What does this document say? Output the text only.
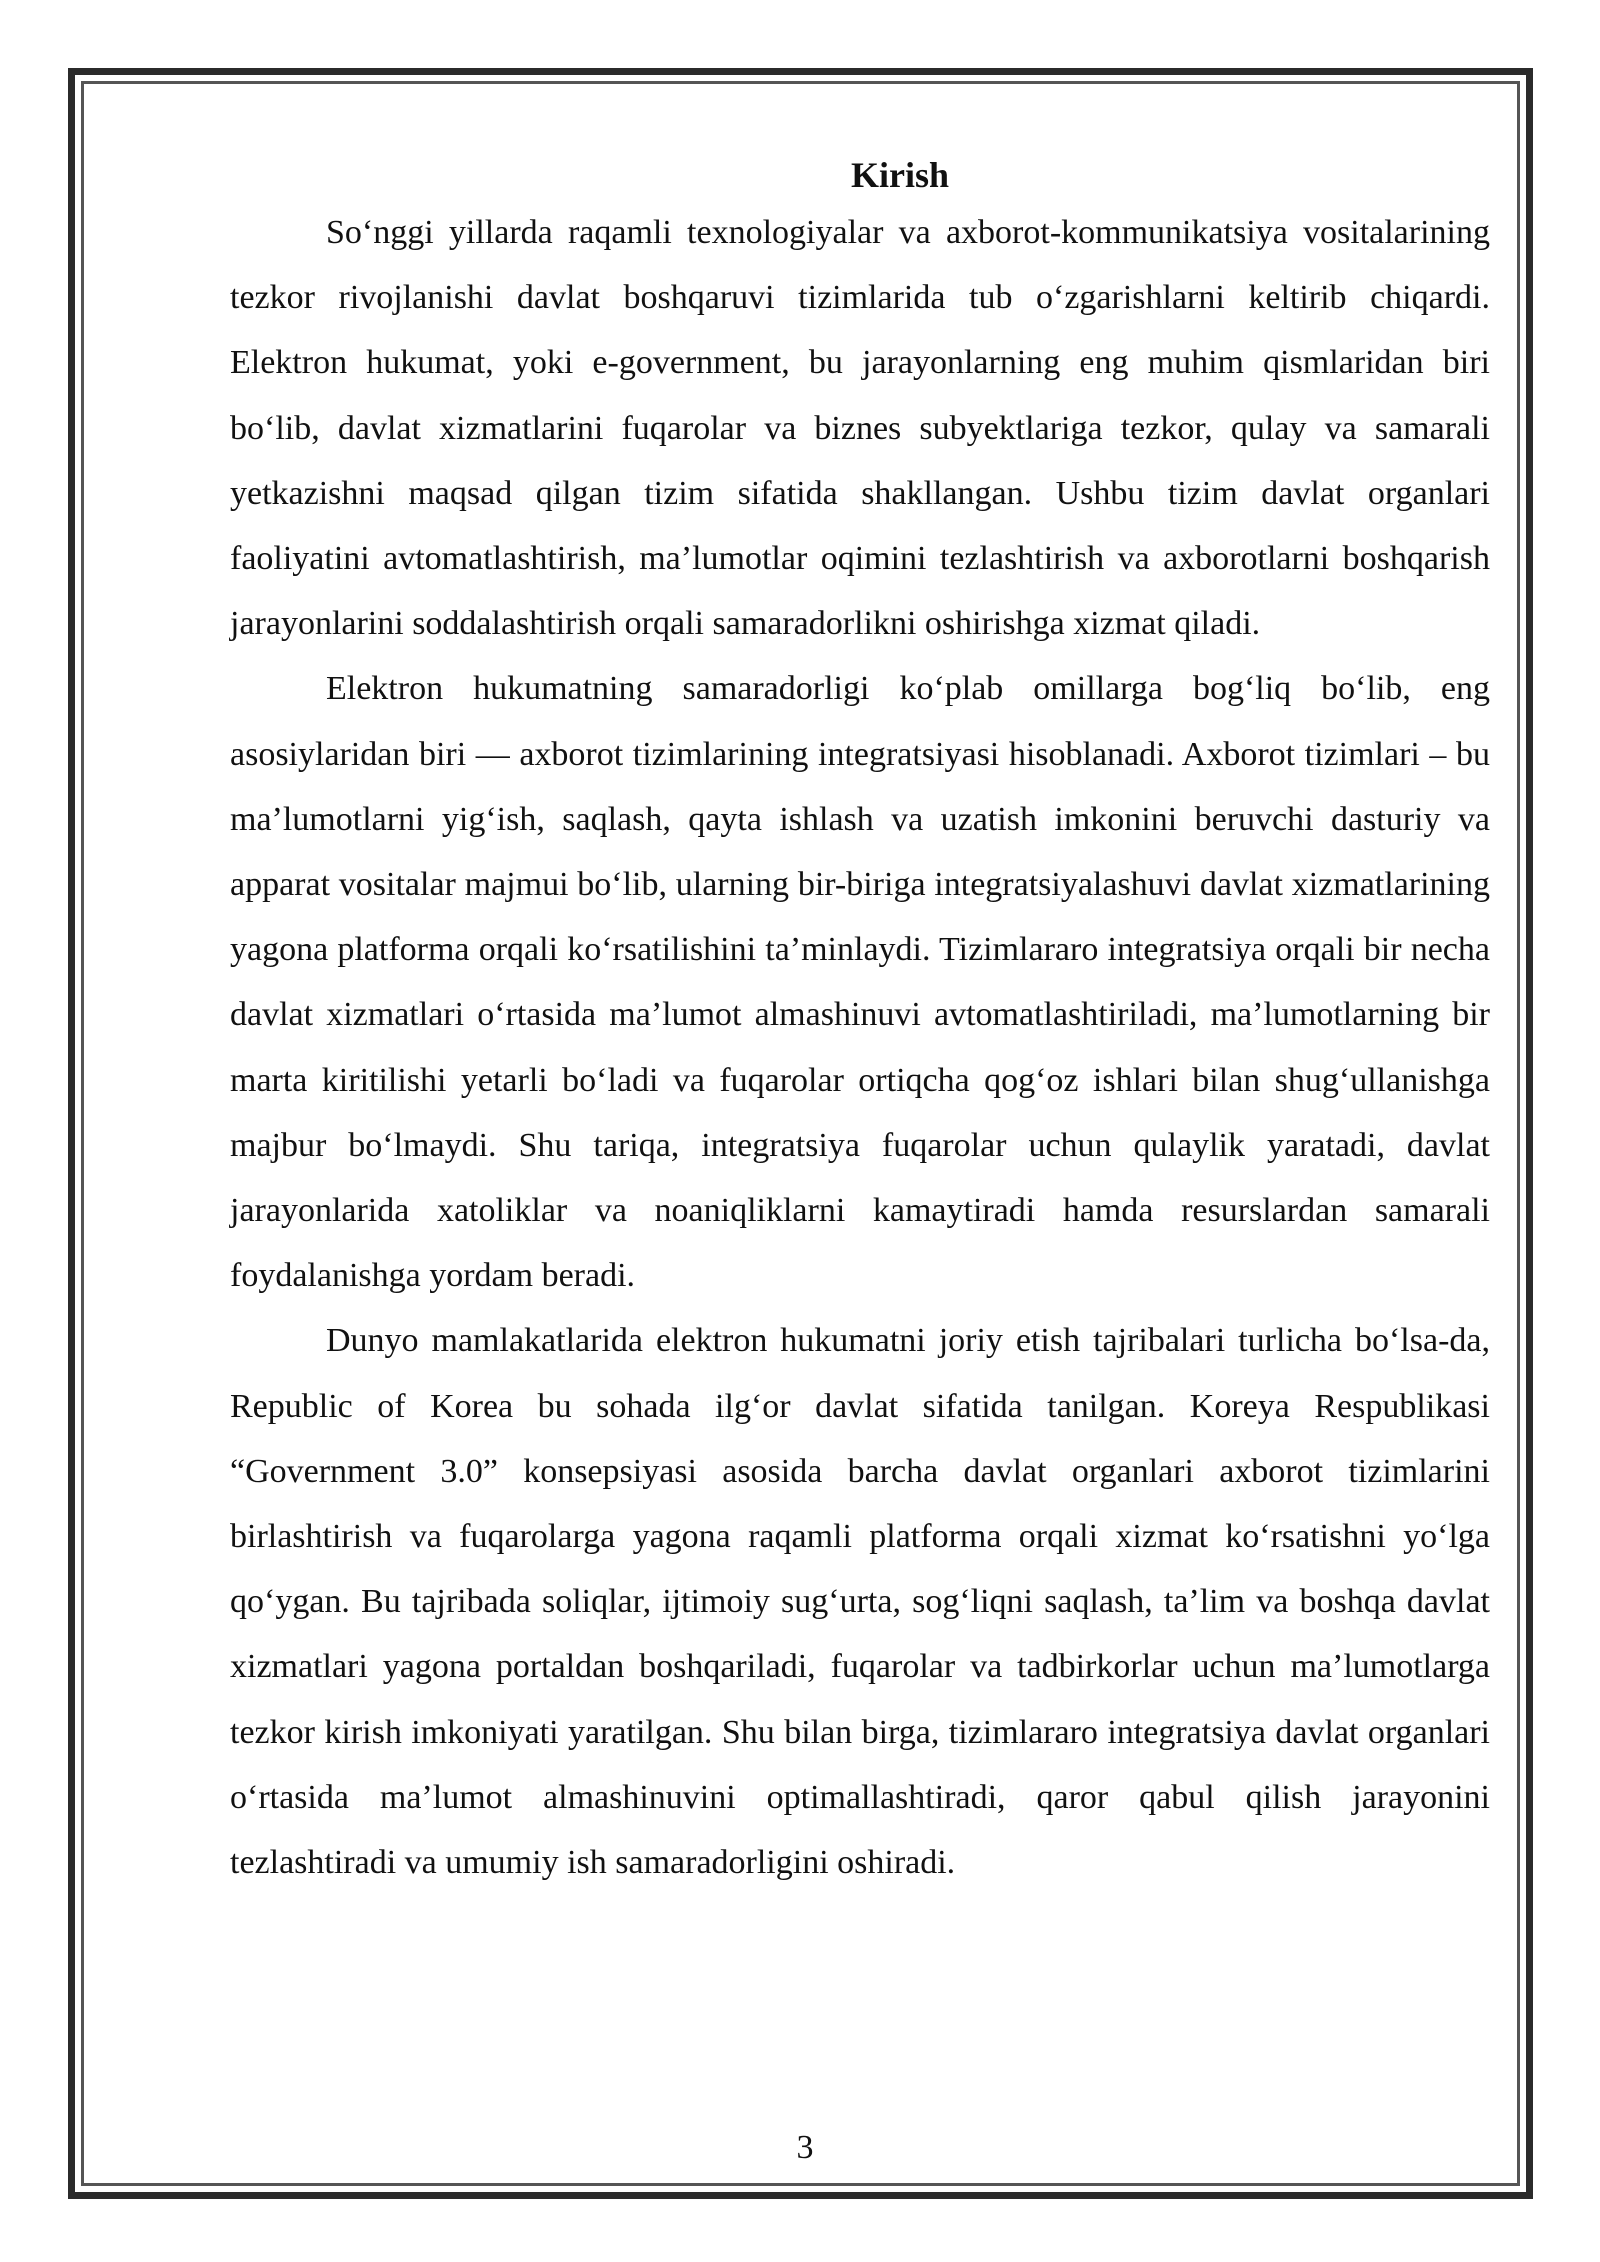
Kirish

So‘nggi yillarda raqamli texnologiyalar va axborot-kommunikatsiya vositalarining tezkor rivojlanishi davlat boshqaruvi tizimlarida tub o‘zgarishlarni keltirib chiqardi. Elektron hukumat, yoki e-government, bu jarayonlarning eng muhim qismlaridan biri bo‘lib, davlat xizmatlarini fuqarolar va biznes subyektlariga tezkor, qulay va samarali yetkazishni maqsad qilgan tizim sifatida shakllangan. Ushbu tizim davlat organlari faoliyatini avtomatlashtirish, ma’lumotlar oqimini tezlashtirish va axborotlarni boshqarish jarayonlarini soddalashtirish orqali samaradorlikni oshirishga xizmat qiladi.

Elektron hukumatning samaradorligi ko‘plab omillarga bog‘liq bo‘lib, eng asosiylaridan biri — axborot tizimlarining integratsiyasi hisoblanadi. Axborot tizimlari – bu ma’lumotlarni yig‘ish, saqlash, qayta ishlash va uzatish imkonini beruvchi dasturiy va apparat vositalar majmui bo‘lib, ularning bir-biriga integratsiyalashuvi davlat xizmatlarining yagona platforma orqali ko‘rsatilishini ta’minlaydi. Tizimlararo integratsiya orqali bir necha davlat xizmatlari o‘rtasida ma’lumot almashinuvi avtomatlashtiriladi, ma’lumotlarning bir marta kiritilishi yetarli bo‘ladi va fuqarolar ortiqcha qog‘oz ishlari bilan shug‘ullanishga majbur bo‘lmaydi. Shu tariqa, integratsiya fuqarolar uchun qulaylik yaratadi, davlat jarayonlarida xatoliklar va noaniqliklarni kamaytiradi hamda resurslardan samarali foydalanishga yordam beradi.

Dunyo mamlakatlarida elektron hukumatni joriy etish tajribalari turlicha bo‘lsa-da, Republic of Korea bu sohada ilg‘or davlat sifatida tanilgan. Koreya Respublikasi “Government 3.0” konsepsiyasi asosida barcha davlat organlari axborot tizimlarini birlashtirish va fuqarolarga yagona raqamli platforma orqali xizmat ko‘rsatishni yo‘lga qo‘ygan. Bu tajribada soliqlar, ijtimoiy sug‘urta, sog‘liqni saqlash, ta’lim va boshqa davlat xizmatlari yagona portaldan boshqariladi, fuqarolar va tadbirkorlar uchun ma’lumotlarga tezkor kirish imkoniyati yaratilgan. Shu bilan birga, tizimlararo integratsiya davlat organlari o‘rtasida ma’lumot almashinuvini optimallashtiradi, qaror qabul qilish jarayonini tezlashtiradi va umumiy ish samaradorligini oshiradi.

3
